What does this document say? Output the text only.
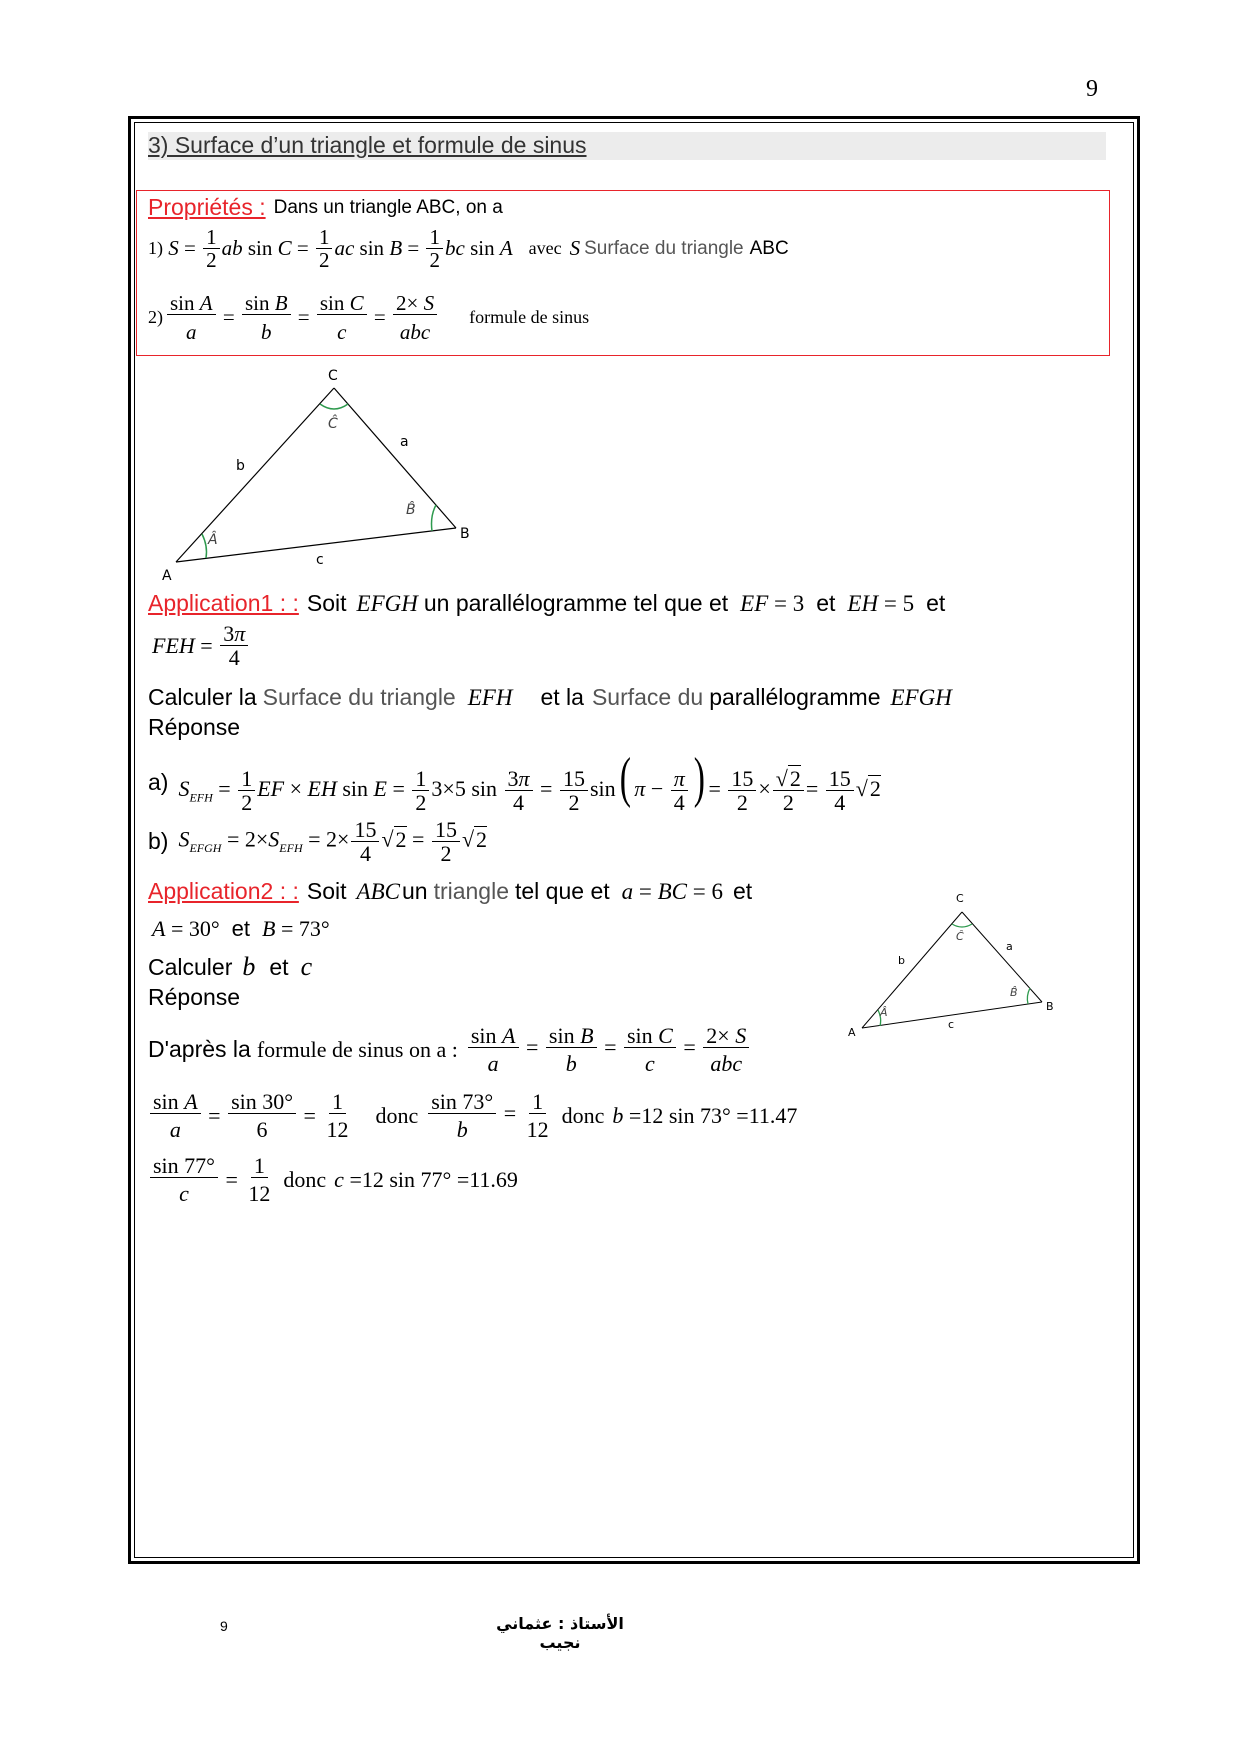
9
3) Surface d’un triangle et formule de sinus
Propriétés : Dans un triangle ABC, on a
1) $S = \frac{1}{2}$ ab $\sin C = \frac{1}{2}$ ac $\sin B = \frac{1}{2}$ bc sin A avec S Surface du triangle ABC
$2) \frac{\text{sin A}}{a} = \frac{\text{sin B}}{b} = \frac{\text{sin C}}{c} = \frac{2\times S}{\text{abc}}$ formule de sinus
A
B
C
a
b
c
Â
B̂
Ĉ
Application1 : : Soit EFGH un parallélogramme tel que et EF = 3 et EH = 5 et
FEH = $\frac{3\pi}{4}$
Calculer la Surface du triangle EFH et la Surface du parallélogramme EFGH
Réponse
a) $S_{EFH} = \frac{1}{2}$ EF × EH $\sin E = \frac{1}{2} 3\times 5$ $\sin \frac{3\pi}{4} = \frac{15}{2} \sin$( $\pi - \frac{\pi}{4}$ ) = $\frac{15}{2} \times \frac{√2}{2} = \frac{15}{4} √2$
b) $S_{EFGH} = 2\times S_{EFH} = 2\times \frac{15}{4} √2 = \frac{15}{2} √2$
Application2 : : Soit ABC un triangle tel que et a = BC = 6 et
A = 30° et B = 73°
Calculer b et c
Réponse
D'après la formule de sinus on a : $\frac{\text{sin A}}{a} = \frac{\text{sin B}}{b} = \frac{\text{sin C}}{c} = \frac{2\times S}{\text{abc}}$
$\frac{\text{sin A}}{a} = \frac{\sin 30^\circ}{6} = \frac{1}{12}$ donc $\frac{\sin 73^\circ}{b} = \frac{1}{12}$ donc b =12 sin 73° =11.47
$\frac{\sin 77^\circ}{c} = \frac{1}{12}$ donc c =12 sin 77° =11.69
A
B
C
a
b
c
Â
B̂
Ĉ
9	الأستاذ : عثماني نجيب
